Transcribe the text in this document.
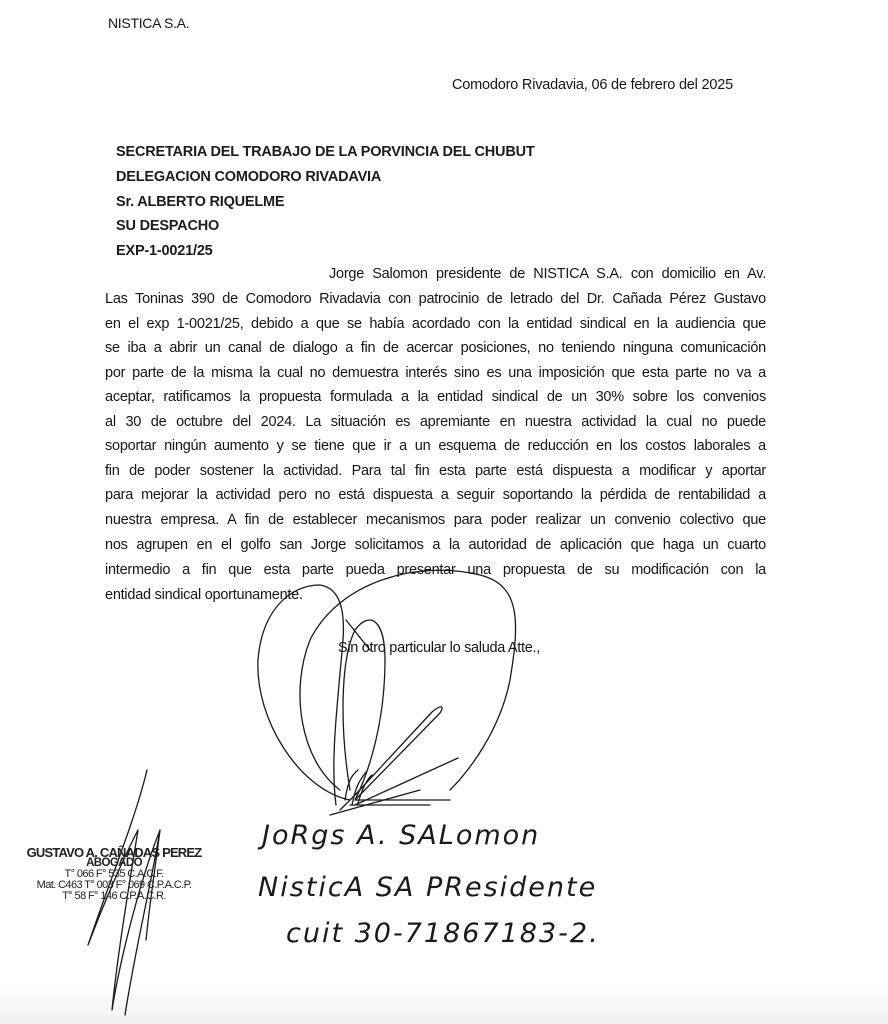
NISTICA S.A.
Comodoro Rivadavia, 06 de febrero del 2025
SECRETARIA DEL TRABAJO DE LA PORVINCIA DEL CHUBUT
DELEGACION COMODORO RIVADAVIA
Sr. ALBERTO RIQUELME
SU DESPACHO
EXP-1-0021/25
Jorge Salomon presidente de NISTICA S.A. con domicilio en Av.
Las Toninas 390 de Comodoro Rivadavia con patrocinio de letrado del Dr. Cañada Pérez Gustavo
en el exp 1-0021/25, debido a que se había acordado con la entidad sindical en la audiencia que
se iba a abrir un canal de dialogo a fin de acercar posiciones, no teniendo ninguna comunicación
por parte de la misma la cual no demuestra interés sino es una imposición que esta parte no va a
aceptar, ratificamos la propuesta formulada a la entidad sindical de un 30% sobre los convenios
al 30 de octubre del 2024. La situación es apremiante en nuestra actividad la cual no puede
soportar ningún aumento y se tiene que ir a un esquema de reducción en los costos laborales a
fin de poder sostener la actividad. Para tal fin esta parte está dispuesta a modificar y aportar
para mejorar la actividad pero no está dispuesta a seguir soportando la pérdida de rentabilidad a
nuestra empresa. A fin de establecer mecanismos para poder realizar un convenio colectivo que
nos agrupen en el golfo san Jorge solicitamos a la autoridad de aplicación que haga un cuarto
intermedio a fin que esta parte pueda presentar una propuesta de su modificación con la
entidad sindical oportunamente.
Sin otro particular lo saluda Atte.,
GUSTAVO A. CAÑADAS PEREZ
ABOGADO
T° 066 F° 535 C.A.C.F.
Mat. C463 T° 003 F° 069 C.P.A.C.P.
T° 58 F° 146 C.P.A.C.R.
JoRgs A. SALomon
NisticA SA PResidente
cuit 30-71867183-2.
